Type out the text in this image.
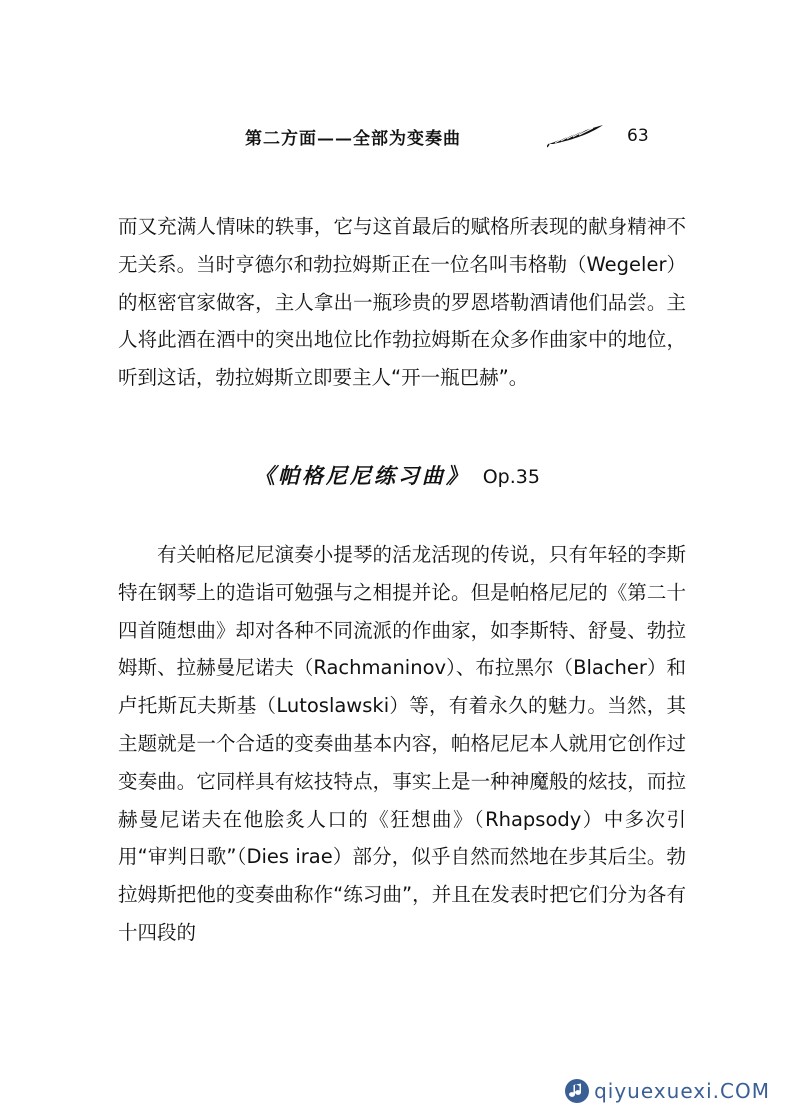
第二方面——全部为变奏曲	63

而又充满人情味的轶事，它与这首最后的赋格所表现的献身精神不无关系。当时亨德尔和勃拉姆斯正在一位名叫韦格勒（Wegeler）的枢密官家做客，主人拿出一瓶珍贵的罗恩塔勒酒请他们品尝。主人将此酒在酒中的突出地位比作勃拉姆斯在众多作曲家中的地位，听到这话，勃拉姆斯立即要主人“开一瓶巴赫”。

《帕格尼尼练习曲》 Op.35

有关帕格尼尼演奏小提琴的活龙活现的传说，只有年轻的李斯特在钢琴上的造诣可勉强与之相提并论。但是帕格尼尼的《第二十四首随想曲》却对各种不同流派的作曲家，如李斯特、舒曼、勃拉姆斯、拉赫曼尼诺夫（Rachmaninov）、布拉黑尔（Blacher）和卢托斯瓦夫斯基（Lutoslawski）等，有着永久的魅力。当然，其主题就是一个合适的变奏曲基本内容，帕格尼尼本人就用它创作过变奏曲。它同样具有炫技特点，事实上是一种神魔般的炫技，而拉赫曼尼诺夫在他脍炙人口的《狂想曲》（Rhapsody）中多次引用“审判日歌”（Dies irae）部分，似乎自然而然地在步其后尘。勃拉姆斯把他的变奏曲称作“练习曲”，并且在发表时把它们分为各有十四段的

qiyuexuexi.COM
